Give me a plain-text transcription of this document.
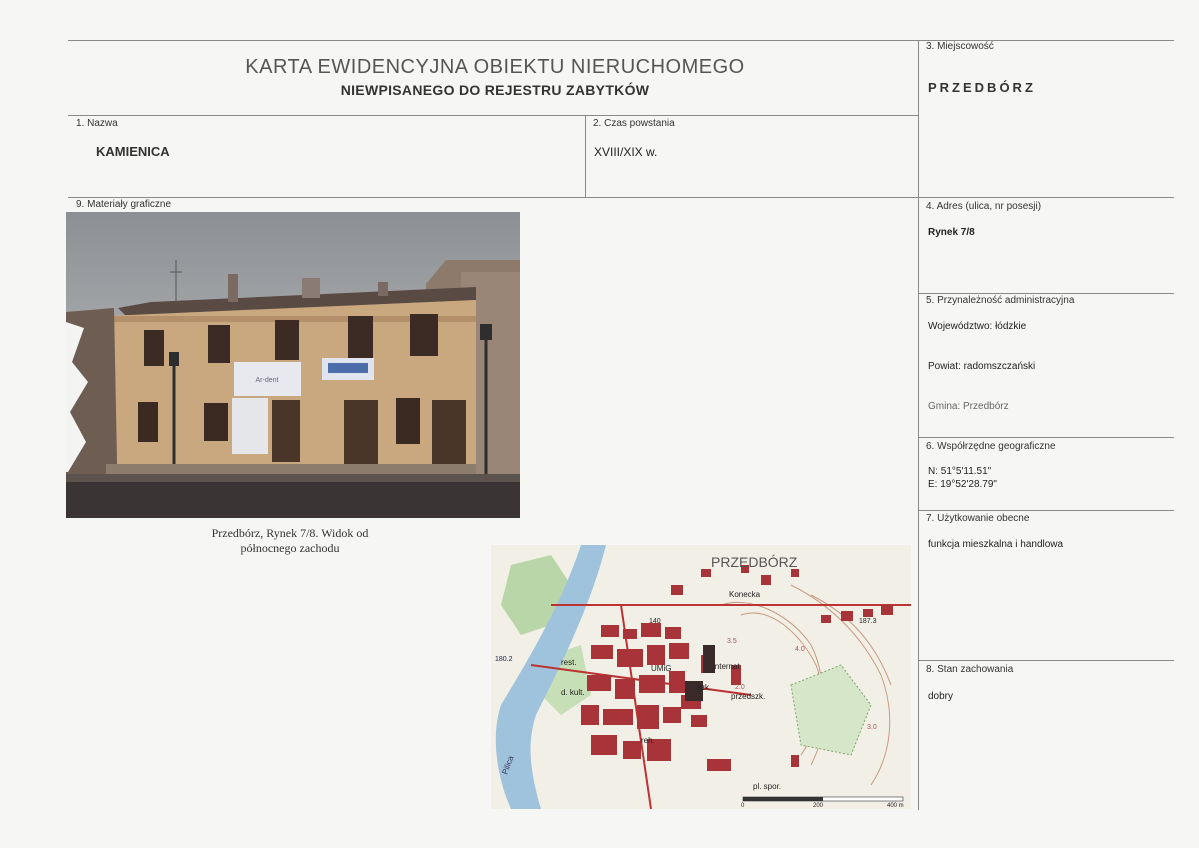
KARTA EWIDENCYJNA OBIEKTU NIERUCHOMEGO
NIEWPISANEGO DO REJESTRU ZABYTKÓW
1. Nazwa
KAMIENICA
2. Czas powstania
XVIII/XIX w.
3. Miejscowość
PRZEDBÓRZ
4. Adres (ulica, nr posesji)
Rynek 7/8
5. Przynależność administracyjna
Województwo: łódzkie
Powiat: radomszczański
Gmina: Przedbórz
6. Współrzędne geograficzne
N: 51°5'11.51"
E: 19°52'28.79"
7. Użytkowanie obecne
funkcja mieszkalna i handlowa
8. Stan zachowania
dobry
9. Materiały graficzne
Ar-dent
Przedbórz, Rynek 7/8. Widok od
północnego zachodu
PRZEDBÓRZ
Konecka
Pilica
rest.
UMiG
szk.
internat
przedszk.
d. kult.
reh.
pl. spor.
140
180.2
187.3
3.5
4.0
2.0
3.0
0	200	400 m
